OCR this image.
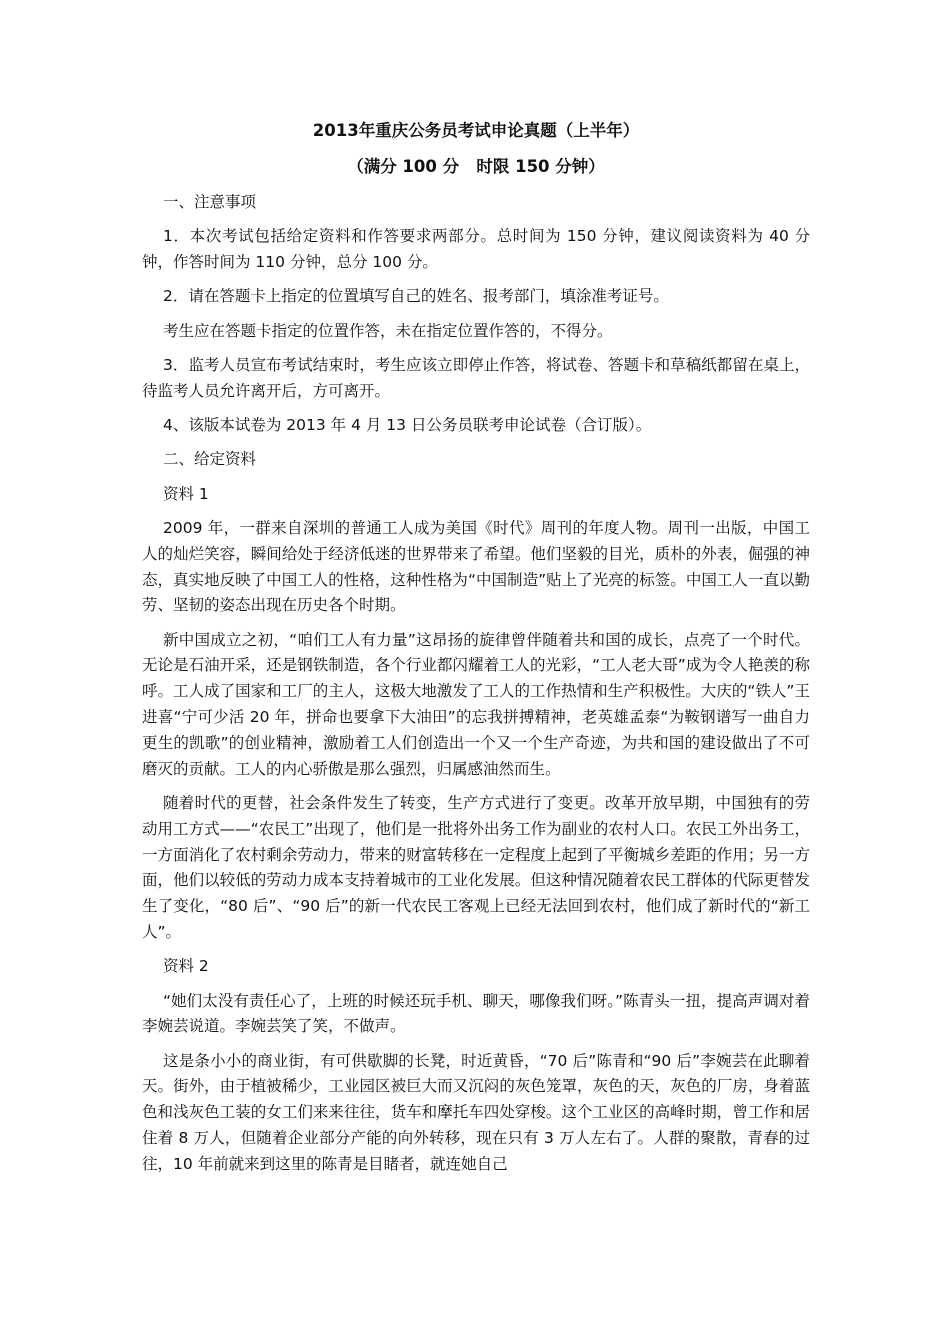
2013年重庆公务员考试申论真题（上半年）
（满分 100 分   时限 150 分钟）

一、注意事项

1．本次考试包括给定资料和作答要求两部分。总时间为 150 分钟，建议阅读资料为 40 分钟，作答时间为 110 分钟，总分 100 分。

2．请在答题卡上指定的位置填写自己的姓名、报考部门，填涂准考证号。

考生应在答题卡指定的位置作答，未在指定位置作答的，不得分。

3．监考人员宣布考试结束时，考生应该立即停止作答，将试卷、答题卡和草稿纸都留在桌上，待监考人员允许离开后，方可离开。

4、该版本试卷为 2013 年 4 月 13 日公务员联考申论试卷（合订版）。

二、给定资料

资料 1

2009 年，一群来自深圳的普通工人成为美国《时代》周刊的年度人物。周刊一出版，中国工人的灿烂笑容，瞬间给处于经济低迷的世界带来了希望。他们坚毅的目光，质朴的外表，倔强的神态，真实地反映了中国工人的性格，这种性格为“中国制造”贴上了光亮的标签。中国工人一直以勤劳、坚韧的姿态出现在历史各个时期。

新中国成立之初，“咱们工人有力量”这昂扬的旋律曾伴随着共和国的成长，点亮了一个时代。无论是石油开采，还是钢铁制造，各个行业都闪耀着工人的光彩，“工人老大哥”成为令人艳羡的称呼。工人成了国家和工厂的主人，这极大地激发了工人的工作热情和生产积极性。大庆的“铁人”王进喜“宁可少活 20 年，拼命也要拿下大油田”的忘我拼搏精神，老英雄孟泰“为鞍钢谱写一曲自力更生的凯歌”的创业精神，激励着工人们创造出一个又一个生产奇迹，为共和国的建设做出了不可磨灭的贡献。工人的内心骄傲是那么强烈，归属感油然而生。

随着时代的更替，社会条件发生了转变，生产方式进行了变更。改革开放早期，中国独有的劳动用工方式——“农民工”出现了，他们是一批将外出务工作为副业的农村人口。农民工外出务工，一方面消化了农村剩余劳动力，带来的财富转移在一定程度上起到了平衡城乡差距的作用；另一方面，他们以较低的劳动力成本支持着城市的工业化发展。但这种情况随着农民工群体的代际更替发生了变化，“80 后”、“90 后”的新一代农民工客观上已经无法回到农村，他们成了新时代的“新工人”。

资料 2

“她们太没有责任心了，上班的时候还玩手机、聊天，哪像我们呀。”陈青头一扭，提高声调对着李婉芸说道。李婉芸笑了笑，不做声。

这是条小小的商业街，有可供歇脚的长凳，时近黄昏，“70 后”陈青和“90 后”李婉芸在此聊着天。街外，由于植被稀少，工业园区被巨大而又沉闷的灰色笼罩，灰色的天，灰色的厂房，身着蓝色和浅灰色工装的女工们来来往往，货车和摩托车四处穿梭。这个工业区的高峰时期，曾工作和居住着 8 万人，但随着企业部分产能的向外转移，现在只有 3 万人左右了。人群的聚散，青春的过往，10 年前就来到这里的陈青是目睹者，就连她自己
